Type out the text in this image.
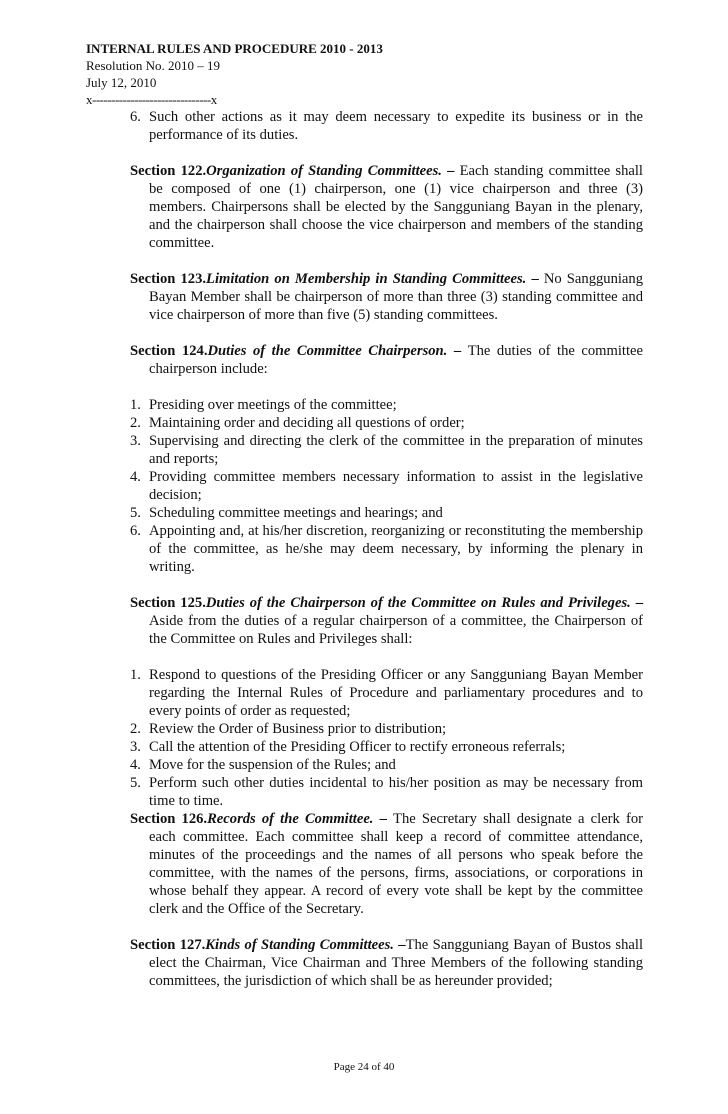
INTERNAL RULES AND PROCEDURE 2010 - 2013
Resolution No. 2010 – 19
July 12, 2010
x-------------------------------x
6. Such other actions as it may deem necessary to expedite its business or in the performance of its duties.

Section 122.Organization of Standing Committees. – Each standing committee shall be composed of one (1) chairperson, one (1) vice chairperson and three (3) members. Chairpersons shall be elected by the Sangguniang Bayan in the plenary, and the chairperson shall choose the vice chairperson and members of the standing committee.

Section 123.Limitation on Membership in Standing Committees. – No Sangguniang Bayan Member shall be chairperson of more than three (3) standing committee and vice chairperson of more than five (5) standing committees.

Section 124.Duties of the Committee Chairperson. – The duties of the committee chairperson include:

1. Presiding over meetings of the committee;
2. Maintaining order and deciding all questions of order;
3. Supervising and directing the clerk of the committee in the preparation of minutes and reports;
4. Providing committee members necessary information to assist in the legislative decision;
5. Scheduling committee meetings and hearings; and
6. Appointing and, at his/her discretion, reorganizing or reconstituting the membership of the committee, as he/she may deem necessary, by informing the plenary in writing.

Section 125.Duties of the Chairperson of the Committee on Rules and Privileges. – Aside from the duties of a regular chairperson of a committee, the Chairperson of the Committee on Rules and Privileges shall:

1. Respond to questions of the Presiding Officer or any Sangguniang Bayan Member regarding the Internal Rules of Procedure and parliamentary procedures and to every points of order as requested;
2. Review the Order of Business prior to distribution;
3. Call the attention of the Presiding Officer to rectify erroneous referrals;
4. Move for the suspension of the Rules; and
5. Perform such other duties incidental to his/her position as may be necessary from time to time.

Section 126.Records of the Committee. – The Secretary shall designate a clerk for each committee. Each committee shall keep a record of committee attendance, minutes of the proceedings and the names of all persons who speak before the committee, with the names of the persons, firms, associations, or corporations in whose behalf they appear. A record of every vote shall be kept by the committee clerk and the Office of the Secretary.

Section 127.Kinds of Standing Committees. –The Sangguniang Bayan of Bustos shall elect the Chairman, Vice Chairman and Three Members of the following standing committees, the jurisdiction of which shall be as hereunder provided;

Page 24 of 40
